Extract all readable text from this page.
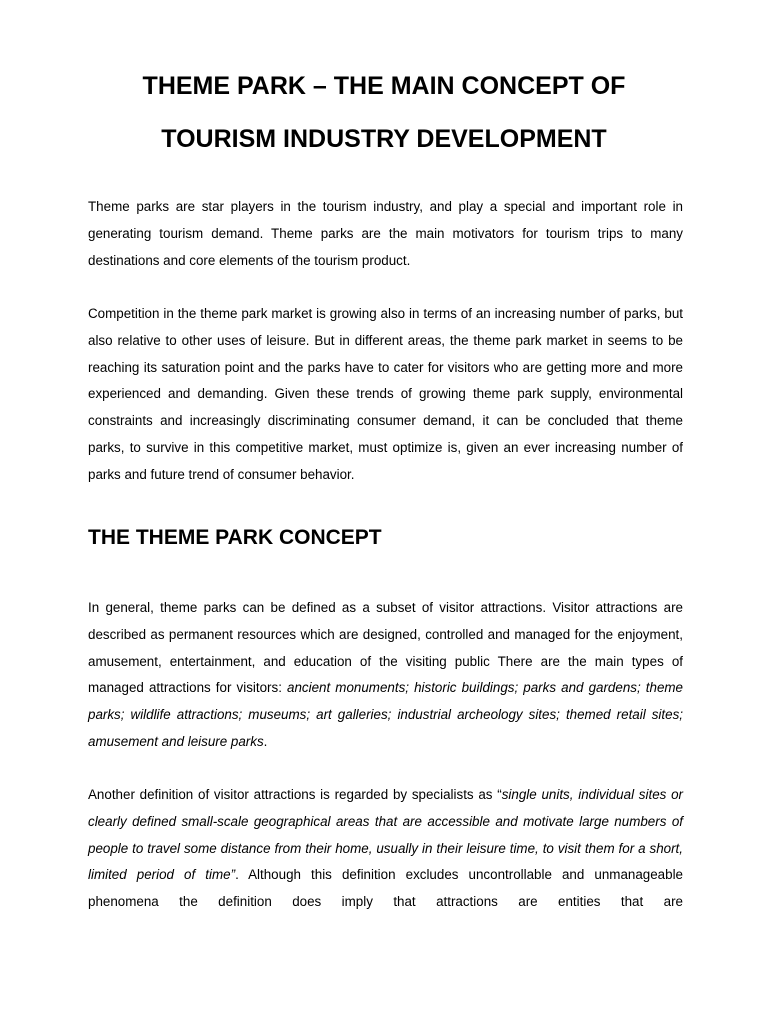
THEME PARK – THE MAIN CONCEPT OF
TOURISM INDUSTRY DEVELOPMENT

Theme parks are star players in the tourism industry, and play a special and important role in generating tourism demand. Theme parks are the main motivators for tourism trips to many destinations and core elements of the tourism product.

Competition in the theme park market is growing also in terms of an increasing number of parks, but also relative to other uses of leisure. But in different areas, the theme park market in seems to be reaching its saturation point and the parks have to cater for visitors who are getting more and more experienced and demanding. Given these trends of growing theme park supply, environmental constraints and increasingly discriminating consumer demand, it can be concluded that theme parks, to survive in this competitive market, must optimize is, given an ever increasing number of parks and future trend of consumer behavior.

THE THEME PARK CONCEPT

In general, theme parks can be defined as a subset of visitor attractions. Visitor attractions are described as permanent resources which are designed, controlled and managed for the enjoyment, amusement, entertainment, and education of the visiting public There are the main types of managed attractions for visitors: ancient monuments; historic buildings; parks and gardens; theme parks; wildlife attractions; museums; art galleries; industrial archeology sites; themed retail sites; amusement and leisure parks.

Another definition of visitor attractions is regarded by specialists as “single units, individual sites or clearly defined small-scale geographical areas that are accessible and motivate large numbers of people to travel some distance from their home, usually in their leisure time, to visit them for a short, limited period of time”. Although this definition excludes uncontrollable and unmanageable phenomena the definition does imply that attractions are entities that are
